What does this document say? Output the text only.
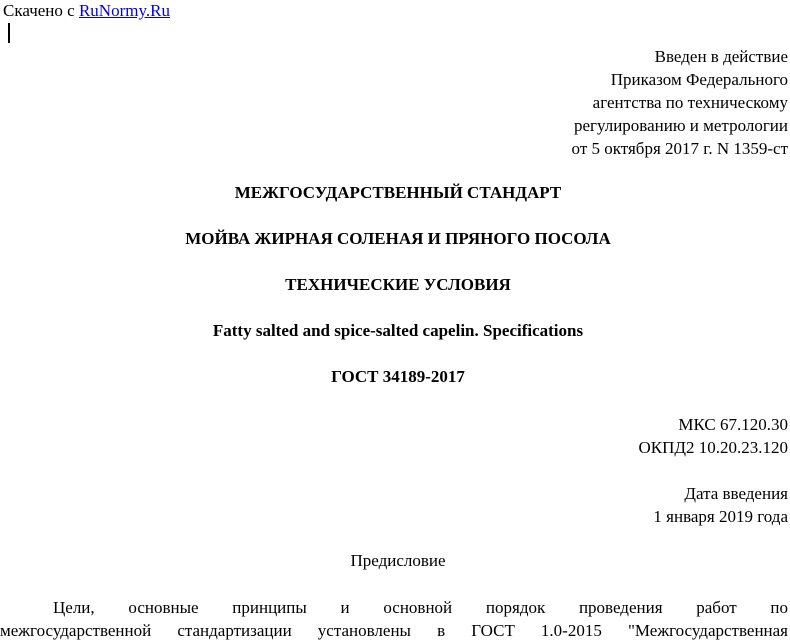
Скачено с RuNormy.Ru
Введен в действие
Приказом Федерального
агентства по техническому
регулированию и метрологии
от 5 октября 2017 г. N 1359-ст
МЕЖГОСУДАРСТВЕННЫЙ СТАНДАРТ
МОЙВА ЖИРНАЯ СОЛЕНАЯ И ПРЯНОГО ПОСОЛА
ТЕХНИЧЕСКИЕ УСЛОВИЯ
Fatty salted and spice-salted capelin. Specifications
ГОСТ 34189-2017
МКС 67.120.30
ОКПД2 10.20.23.120
Дата введения
1 января 2019 года
Предисловие

Цели, основные принципы и основной порядок проведения работ по

межгосударственной стандартизации установлены в ГОСТ 1.0-2015 "Межгосударственная
